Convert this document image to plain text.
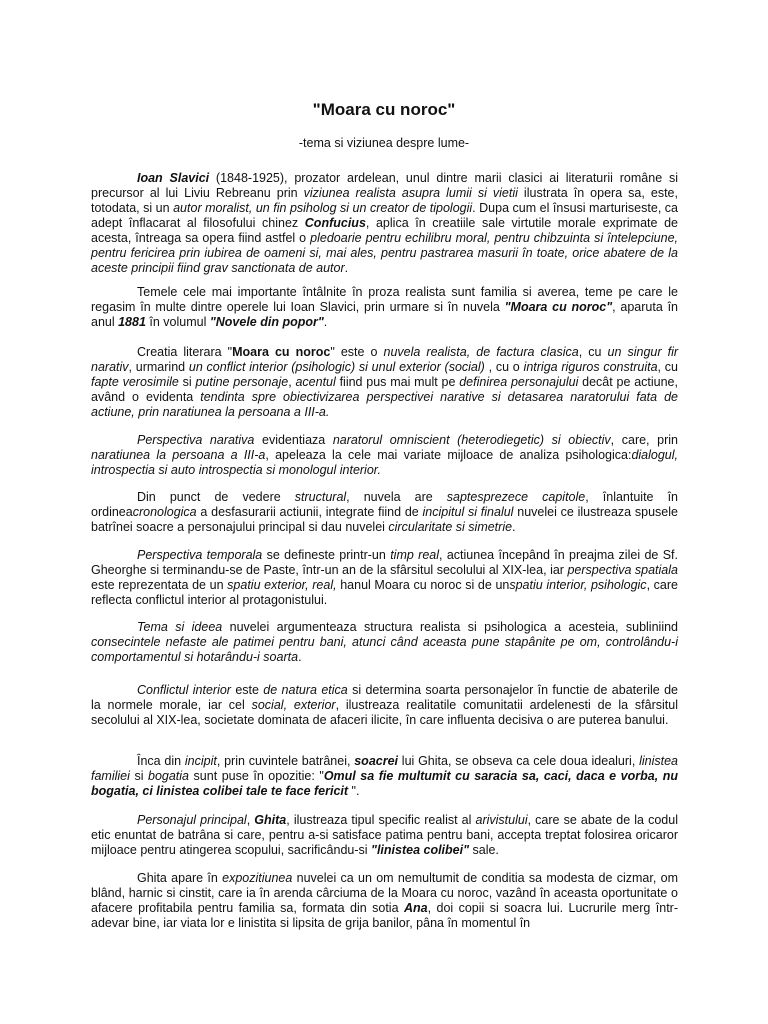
"Moara cu noroc"

-tema si viziunea despre lume-

Ioan Slavici (1848-1925), prozator ardelean, unul dintre marii clasici ai literaturii române si precursor al lui Liviu Rebreanu prin viziunea realista asupra lumii si vietii ilustrata în opera sa, este, totodata, si un autor moralist, un fin psiholog si un creator de tipologii. Dupa cum el însusi marturiseste, ca adept înflacarat al filosofului chinez Confucius, aplica în creatiile sale virtutile morale exprimate de acesta, întreaga sa opera fiind astfel o pledoarie pentru echilibru moral, pentru chibzuinta si întelepciune, pentru fericirea prin iubirea de oameni si, mai ales, pentru pastrarea masurii în toate, orice abatere de la aceste principii fiind grav sanctionata de autor.

Temele cele mai importante întâlnite în proza realista sunt familia si averea, teme pe care le regasim în multe dintre operele lui Ioan Slavici, prin urmare si în nuvela "Moara cu noroc", aparuta în anul 1881 în volumul "Novele din popor".

Creatia literara "Moara cu noroc" este o nuvela realista, de factura clasica, cu un singur fir narativ, urmarind un conflict interior (psihologic) si unul exterior (social) , cu o intriga riguros construita, cu fapte verosimile si putine personaje, acentul fiind pus mai mult pe definirea personajului decât pe actiune, având o evidenta tendinta spre obiectivizarea perspectivei narative si detasarea naratorului fata de actiune, prin naratiunea la persoana a III-a.

Perspectiva narativa evidentiaza naratorul omniscient (heterodiegetic) si obiectiv, care, prin naratiunea la persoana a III-a, apeleaza la cele mai variate mijloace de analiza psihologica:dialogul, introspectia si auto introspectia si monologul interior.

Din punct de vedere structural, nuvela are saptesprezece capitole, înlantuite în ordineacronologica a desfasurarii actiunii, integrate fiind de incipitul si finalul nuvelei ce ilustreaza spusele batrînei soacre a personajului principal si dau nuvelei circularitate si simetrie.

Perspectiva temporala se defineste printr-un timp real, actiunea începând în preajma zilei de Sf. Gheorghe si terminandu-se de Paste, într-un an de la sfârsitul secolului al XIX-lea, iar perspectiva spatiala este reprezentata de un spatiu exterior, real, hanul Moara cu noroc si de unspatiu interior, psihologic, care reflecta conflictul interior al protagonistului.

Tema si ideea nuvelei argumenteaza structura realista si psihologica a acesteia, subliniind consecintele nefaste ale patimei pentru bani, atunci când aceasta pune stapânite pe om, controlându-i comportamentul si hotarându-i soarta.

Conflictul interior este de natura etica si determina soarta personajelor în functie de abaterile de la normele morale, iar cel social, exterior, ilustreaza realitatile comunitatii ardelenesti de la sfârsitul secolului al XIX-lea, societate dominata de afaceri ilicite, în care influenta decisiva o are puterea banului.

Înca din incipit, prin cuvintele batrânei, soacrei lui Ghita, se obseva ca cele doua idealuri, linistea familiei si bogatia sunt puse în opozitie: "Omul sa fie multumit cu saracia sa, caci, daca e vorba, nu bogatia, ci linistea colibei tale te face fericit ".

Personajul principal, Ghita, ilustreaza tipul specific realist al arivistului, care se abate de la codul etic enuntat de batrâna si care, pentru a-si satisface patima pentru bani, accepta treptat folosirea oricaror mijloace pentru atingerea scopului, sacrificându-si "linistea colibei" sale.

Ghita apare în expozitiunea nuvelei ca un om nemultumit de conditia sa modesta de cizmar, om blând, harnic si cinstit, care ia în arenda cârciuma de la Moara cu noroc, vazând în aceasta oportunitate o afacere profitabila pentru familia sa, formata din sotia Ana, doi copii si soacra lui. Lucrurile merg într-adevar bine, iar viata lor e linistita si lipsita de grija banilor, pâna în momentul în
